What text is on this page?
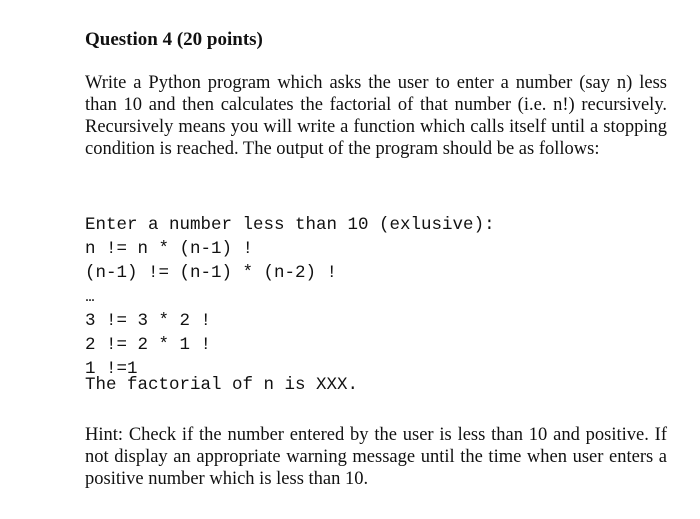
Question 4 (20 points)

Write a Python program which asks the user to enter a number (say n) less than 10 and then calculates the factorial of that number (i.e. n!) recursively. Recursively means you will write a function which calls itself until a stopping condition is reached. The output of the program should be as follows:

Enter a number less than 10 (exlusive):
n != n * (n-1) !
(n-1) != (n-1) * (n-2) !
...
3 != 3 * 2 !
2 != 2 * 1 !
1 !=1
The factorial of n is XXX.

Hint: Check if the number entered by the user is less than 10 and positive. If not display an appropriate warning message until the time when user enters a positive number which is less than 10.
